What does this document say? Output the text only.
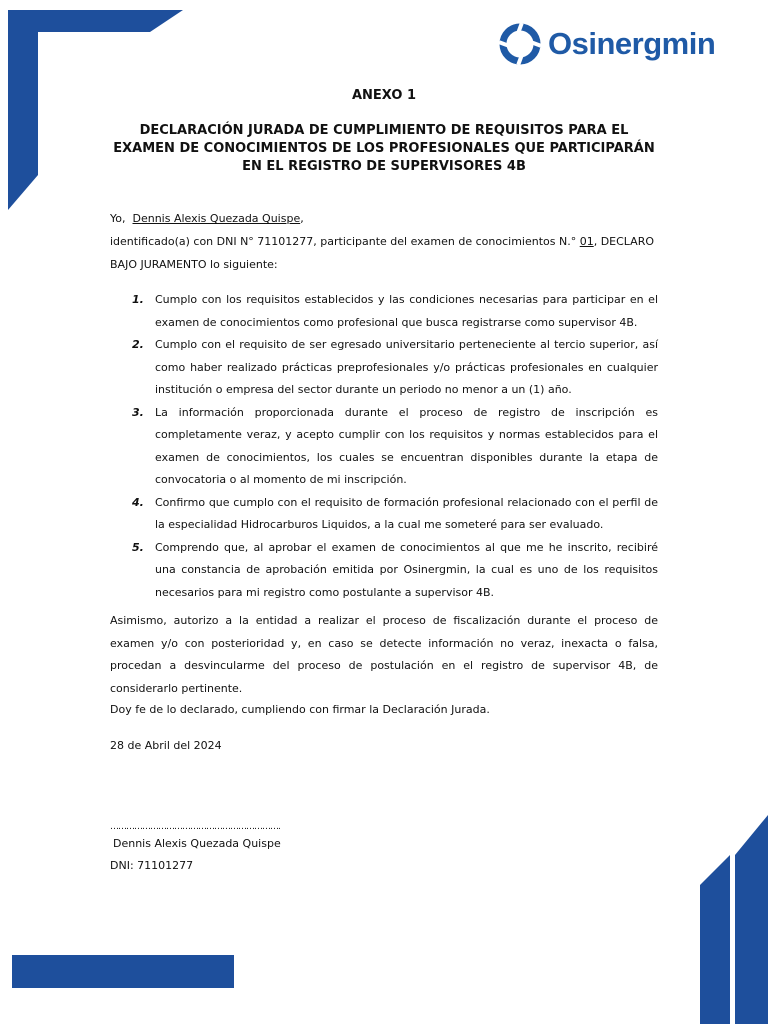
Osinergmin
ANEXO 1
DECLARACIÓN JURADA DE CUMPLIMIENTO DE REQUISITOS PARA EL EXAMEN DE CONOCIMIENTOS DE LOS PROFESIONALES QUE PARTICIPARÁN EN EL REGISTRO DE SUPERVISORES 4B
Yo, Dennis Alexis Quezada Quispe,
identificado(a) con DNI N° 71101277, participante del examen de conocimientos N.° 01, DECLARO BAJO JURAMENTO lo siguiente:
1. Cumplo con los requisitos establecidos y las condiciones necesarias para participar en el examen de conocimientos como profesional que busca registrarse como supervisor 4B.
2. Cumplo con el requisito de ser egresado universitario perteneciente al tercio superior, así como haber realizado prácticas preprofesionales y/o prácticas profesionales en cualquier institución o empresa del sector durante un periodo no menor a un (1) año.
3. La información proporcionada durante el proceso de registro de inscripción es completamente veraz, y acepto cumplir con los requisitos y normas establecidos para el examen de conocimientos, los cuales se encuentran disponibles durante la etapa de convocatoria o al momento de mi inscripción.
4. Confirmo que cumplo con el requisito de formación profesional relacionado con el perfil de la especialidad Hidrocarburos Liquidos, a la cual me someteré para ser evaluado.
5. Comprendo que, al aprobar el examen de conocimientos al que me he inscrito, recibiré una constancia de aprobación emitida por Osinergmin, la cual es uno de los requisitos necesarios para mi registro como postulante a supervisor 4B.
Asimismo, autorizo a la entidad a realizar el proceso de fiscalización durante el proceso de examen y/o con posterioridad y, en caso se detecte información no veraz, inexacta o falsa, procedan a desvincularme del proceso de postulación en el registro de supervisor 4B, de considerarlo pertinente.
Doy fe de lo declarado, cumpliendo con firmar la Declaración Jurada.
28 de Abril del 2024
……………………………………………………….
Dennis Alexis Quezada Quispe
DNI: 71101277
